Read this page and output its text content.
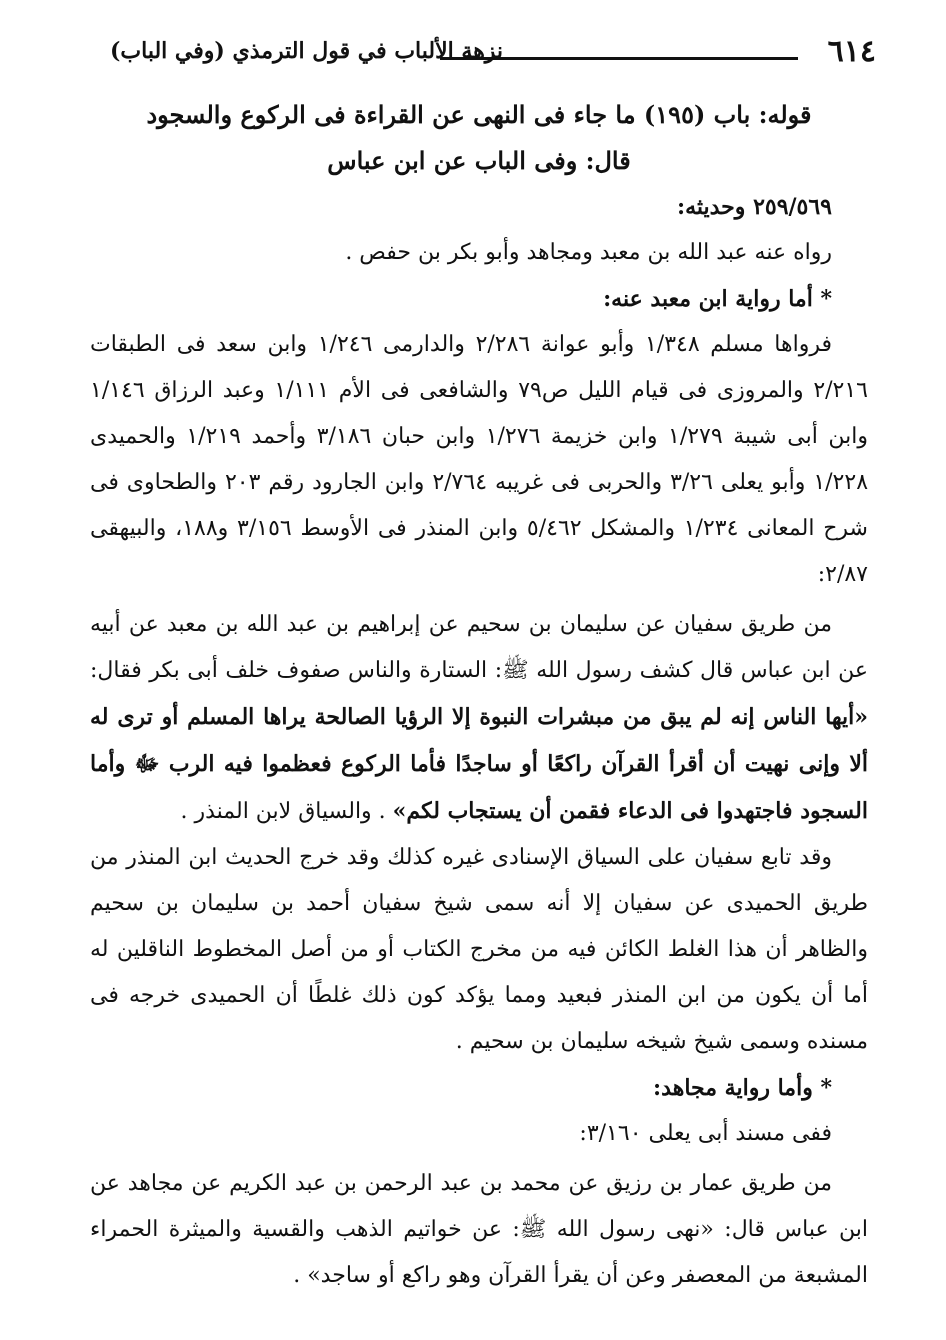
٦١٤
نزهة الألباب في قول الترمذي (وفي الباب)

قوله: باب (١٩٥) ما جاء فى النهى عن القراءة فى الركوع والسجود

قال: وفى الباب عن ابن عباس

٢٥٩/٥٦٩ وحديثه:

رواه عنه عبد الله بن معبد ومجاهد وأبو بكر بن حفص .

* أما رواية ابن معبد عنه:

فرواها مسلم ١/٣٤٨ وأبو عوانة ٢/٢٨٦ والدارمى ١/٢٤٦ وابن سعد فى الطبقات ٢/٢١٦ والمروزى فى قيام الليل ص٧٩ والشافعى فى الأم ١/١١١ وعبد الرزاق ١/١٤٦ وابن أبى شيبة ١/٢٧٩ وابن خزيمة ١/٢٧٦ وابن حبان ٣/١٨٦ وأحمد ١/٢١٩ والحميدى ١/٢٢٨ وأبو يعلى ٣/٢٦ والحربى فى غريبه ٢/٧٦٤ وابن الجارود رقم ٢٠٣ والطحاوى فى شرح المعانى ١/٢٣٤ والمشكل ٥/٤٦٢ وابن المنذر فى الأوسط ٣/١٥٦ و١٨٨، والبيهقى ٢/٨٧:

من طريق سفيان عن سليمان بن سحيم عن إبراهيم بن عبد الله بن معبد عن أبيه عن ابن عباس قال كشف رسول الله ﷺ: الستارة والناس صفوف خلف أبى بكر فقال: «أيها الناس إنه لم يبق من مبشرات النبوة إلا الرؤيا الصالحة يراها المسلم أو ترى له ألا وإنى نهيت أن أقرأ القرآن راكعًا أو ساجدًا فأما الركوع فعظموا فيه الرب ﷻ وأما السجود فاجتهدوا فى الدعاء فقمن أن يستجاب لكم» . والسياق لابن المنذر .

وقد تابع سفيان على السياق الإسنادى غيره كذلك وقد خرج الحديث ابن المنذر من طريق الحميدى عن سفيان إلا أنه سمى شيخ سفيان أحمد بن سليمان بن سحيم والظاهر أن هذا الغلط الكائن فيه من مخرج الكتاب أو من أصل المخطوط الناقلين له أما أن يكون من ابن المنذر فبعيد ومما يؤكد كون ذلك غلطًا أن الحميدى خرجه فى مسنده وسمى شيخ شيخه سليمان بن سحيم .

* وأما رواية مجاهد:

ففى مسند أبى يعلى ٣/١٦٠:

من طريق عمار بن رزيق عن محمد بن عبد الرحمن بن عبد الكريم عن مجاهد عن ابن عباس قال: «نهى رسول الله ﷺ: عن خواتيم الذهب والقسية والميثرة الحمراء المشبعة من المعصفر وعن أن يقرأ القرآن وهو راكع أو ساجد» .
